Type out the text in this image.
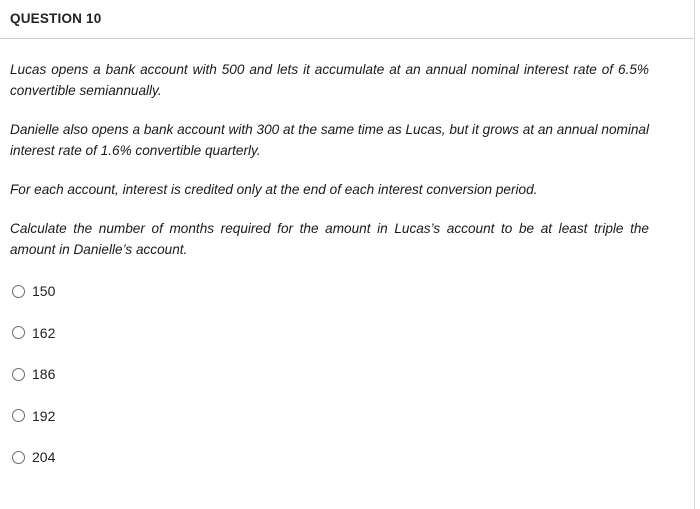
QUESTION 10

Lucas opens a bank account with 500 and lets it accumulate at an annual nominal interest rate of 6.5% convertible semiannually.

Danielle also opens a bank account with 300 at the same time as Lucas, but it grows at an annual nominal interest rate of 1.6% convertible quarterly.

For each account, interest is credited only at the end of each interest conversion period.

Calculate the number of months required for the amount in Lucas’s account to be at least triple the amount in Danielle’s account.

150
162
186
192
204
